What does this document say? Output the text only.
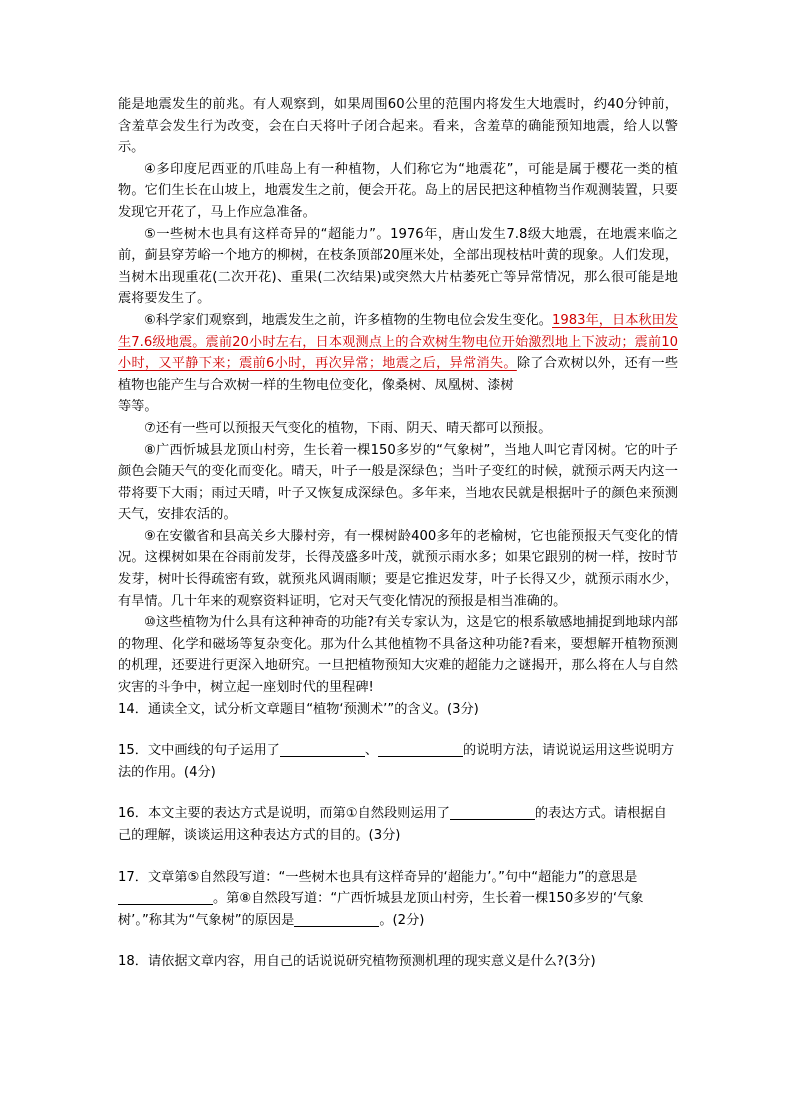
能是地震发生的前兆。有人观察到，如果周围60公里的范围内将发生大地震时，约40分钟前，含羞草会发生行为改变，会在白天将叶子闭合起来。看来，含羞草的确能预知地震，给人以警示。

④多印度尼西亚的爪哇岛上有一种植物，人们称它为“地震花”，可能是属于樱花一类的植物。它们生长在山坡上，地震发生之前，便会开花。岛上的居民把这种植物当作观测装置，只要发现它开花了，马上作应急准备。

⑤一些树木也具有这样奇异的“超能力”。1976年，唐山发生7.8级大地震，在地震来临之前，蓟县穿芳峪一个地方的柳树，在枝条顶部20厘米处，全部出现枝枯叶黄的现象。人们发现，当树木出现重花(二次开花)、重果(二次结果)或突然大片枯萎死亡等异常情况，那么很可能是地震将要发生了。

⑥科学家们观察到，地震发生之前，许多植物的生物电位会发生变化。1983年，日本秋田发生7.6级地震。震前20小时左右，日本观测点上的合欢树生物电位开始激烈地上下波动；震前10小时，又平静下来；震前6小时，再次异常；地震之后，异常消失。除了合欢树以外，还有一些植物也能产生与合欢树一样的生物电位变化，像桑树、凤凰树、漆树

等等。

⑦还有一些可以预报天气变化的植物，下雨、阴天、晴天都可以预报。

⑧广西忻城县龙顶山村旁，生长着一棵150多岁的“气象树”，当地人叫它青冈树。它的叶子颜色会随天气的变化而变化。晴天，叶子一般是深绿色；当叶子变红的时候，就预示两天内这一带将要下大雨；雨过天晴，叶子又恢复成深绿色。多年来，当地农民就是根据叶子的颜色来预测天气，安排农活的。

⑨在安徽省和县高关乡大滕村旁，有一棵树龄400多年的老榆树，它也能预报天气变化的情况。这棵树如果在谷雨前发芽，长得茂盛多叶茂，就预示雨水多；如果它跟别的树一样，按时节发芽，树叶长得疏密有致，就预兆风调雨顺；要是它推迟发芽，叶子长得又少，就预示雨水少，有旱情。几十年来的观察资料证明，它对天气变化情况的预报是相当准确的。

⑩这些植物为什么具有这种神奇的功能?有关专家认为，这是它的根系敏感地捕捉到地球内部的物理、化学和磁场等复杂变化。那为什么其他植物不具备这种功能?看来，要想解开植物预测的机理，还要进行更深入地研究。一旦把植物预知大灾难的超能力之谜揭开，那么将在人与自然灾害的斗争中，树立起一座划时代的里程碑!

14．通读全文，试分析文章题目“植物‘预测术’”的含义。(3分)

15．文中画线的句子运用了	、	的说明方法，请说说运用这些说明方法的作用。(4分)

16．本文主要的表达方式是说明，而第①自然段则运用了	的表达方式。请根据自己的理解，谈谈运用这种表达方式的目的。(3分)

17．文章第⑤自然段写道：“一些树木也具有这样奇异的‘超能力’。”句中“超能力”的意思是。第⑧自然段写道：“广西忻城县龙顶山村旁，生长着一棵150多岁的‘气象树’。”称其为“气象树”的原因是	。(2分)

18．请依据文章内容，用自己的话说说研究植物预测机理的现实意义是什么?(3分)
